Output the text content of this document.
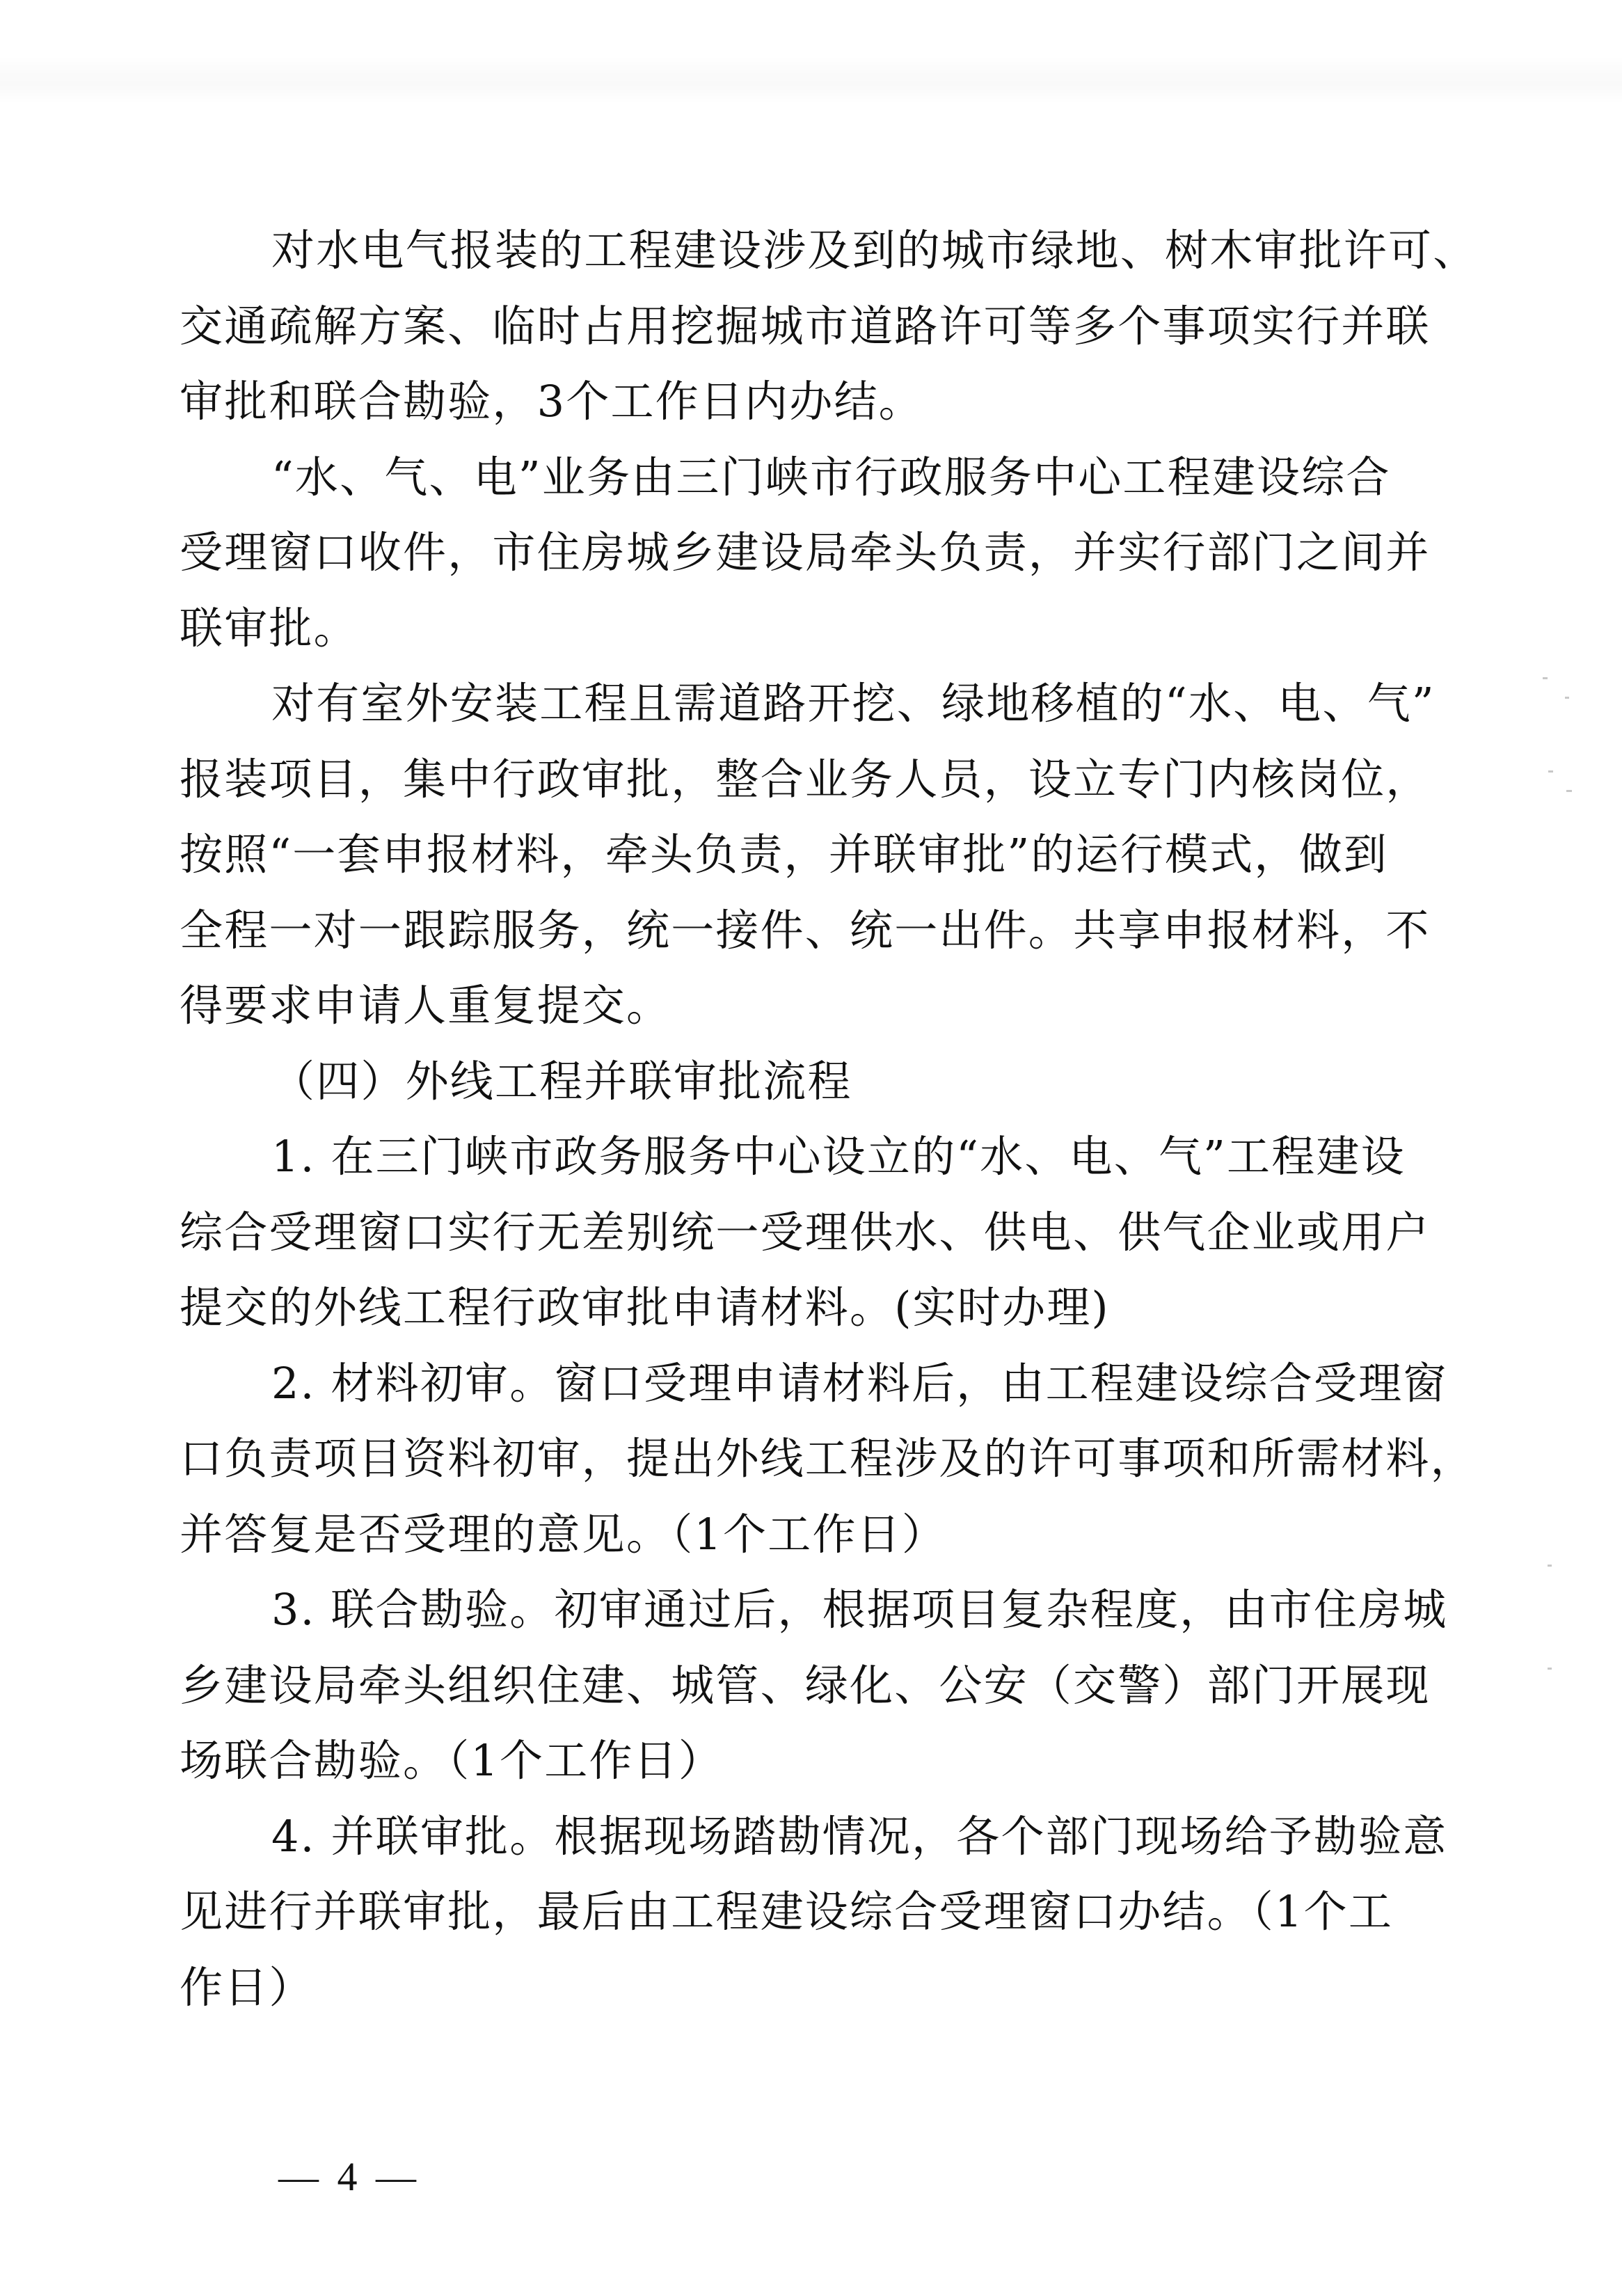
对水电气报装的工程建设涉及到的城市绿地、树木审批许可、
交通疏解方案、临时占用挖掘城市道路许可等多个事项实行并联
审批和联合勘验，3个工作日内办结。
“水、气、电”业务由三门峡市行政服务中心工程建设综合
受理窗口收件，市住房城乡建设局牵头负责，并实行部门之间并
联审批。
对有室外安装工程且需道路开挖、绿地移植的“水、电、气”
报装项目，集中行政审批，整合业务人员，设立专门内核岗位，
按照“一套申报材料，牵头负责，并联审批”的运行模式，做到
全程一对一跟踪服务，统一接件、统一出件。共享申报材料，不
得要求申请人重复提交。
（四）外线工程并联审批流程
1. 在三门峡市政务服务中心设立的“水、电、气”工程建设
综合受理窗口实行无差别统一受理供水、供电、供气企业或用户
提交的外线工程行政审批申请材料。(实时办理)
2. 材料初审。窗口受理申请材料后，由工程建设综合受理窗
口负责项目资料初审，提出外线工程涉及的许可事项和所需材料，
并答复是否受理的意见。（1个工作日）
3. 联合勘验。初审通过后，根据项目复杂程度，由市住房城
乡建设局牵头组织住建、城管、绿化、公安（交警）部门开展现
场联合勘验。（1个工作日）
4. 并联审批。根据现场踏勘情况，各个部门现场给予勘验意
见进行并联审批，最后由工程建设综合受理窗口办结。（1个工
作日）
— 4 —
